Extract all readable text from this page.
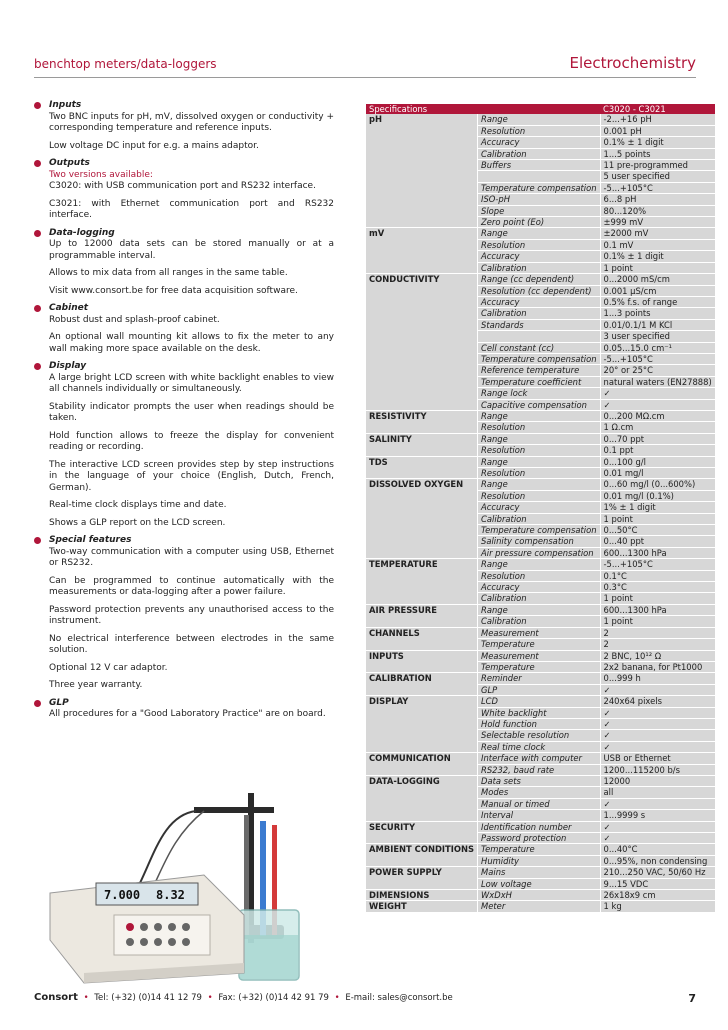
benchtop meters/data-loggers	Electrochemistry
Inputs

Two BNC inputs for pH, mV, dissolved oxygen or conductivity + corresponding temperature and reference inputs.

Low voltage DC input for e.g. a mains adaptor.

Outputs
Two versions available:

C3020: with USB communication port and RS232 interface.

C3021: with Ethernet communication port and RS232 interface.

Data-logging

Up to 12000 data sets can be stored manually or at a programmable interval.

Allows to mix data from all ranges in the same table.

Visit www.consort.be for free data acquisition software.

Cabinet

Robust dust and splash-proof cabinet.

An optional wall mounting kit allows to fix the meter to any wall making more space available on the desk.

Display

A large bright LCD screen with white backlight enables to view all channels individually or simultaneously.

Stability indicator prompts the user when readings should be taken.

Hold function allows to freeze the display for convenient reading or recording.

The interactive LCD screen provides step by step instructions in the language of your choice (English, Dutch, French, German).

Real-time clock displays time and date.

Shows a GLP report on the LCD screen.

Special features

Two-way communication with a computer using USB, Ethernet or RS232.

Can be programmed to continue automatically with the measurements or data-logging after a power failure.

Password protection prevents any unauthorised access to the instrument.

No electrical interference between electrodes in the same solution.

Optional 12 V car adaptor.

Three year warranty.

GLP

All procedures for a "Good Laboratory Practice" are on board.

Specifications		C3020 - C3021
pH	Range	-2...+16 pH
	Resolution	0.001 pH
	Accuracy	0.1% ± 1 digit
	Calibration	1...5 points
	Buffers	11 pre-programmed
		5 user specified
	Temperature compensation	-5...+105°C
	ISO-pH	6...8 pH
	Slope	80...120%
	Zero point (Eo)	±999 mV
mV	Range	±2000 mV
	Resolution	0.1 mV
	Accuracy	0.1% ± 1 digit
	Calibration	1 point
CONDUCTIVITY	Range (cc dependent)	0...2000 mS/cm
	Resolution (cc dependent)	0.001 µS/cm
	Accuracy	0.5% f.s. of range
	Calibration	1...3 points
	Standards	0.01/0.1/1 M KCl
		3 user specified
	Cell constant (cc)	0.05...15.0 cm⁻¹
	Temperature compensation	-5...+105°C
	Reference temperature	20° or 25°C
	Temperature coefficient	natural waters (EN27888)
	Range lock	✓
	Capacitive compensation	✓
RESISTIVITY	Range	0...200 MΩ.cm
	Resolution	1 Ω.cm
SALINITY	Range	0...70 ppt
	Resolution	0.1 ppt
TDS	Range	0...100 g/l
	Resolution	0.01 mg/l
DISSOLVED OXYGEN	Range	0...60 mg/l (0...600%)
	Resolution	0.01 mg/l (0.1%)
	Accuracy	1% ± 1 digit
	Calibration	1 point
	Temperature compensation	0...50°C
	Salinity compensation	0...40 ppt
	Air pressure compensation	600...1300 hPa
TEMPERATURE	Range	-5...+105°C
	Resolution	0.1°C
	Accuracy	0.3°C
	Calibration	1 point
AIR PRESSURE	Range	600...1300 hPa
	Calibration	1 point
CHANNELS	Measurement	2
	Temperature	2
INPUTS	Measurement	2 BNC, 10¹² Ω
	Temperature	2x2 banana, for Pt1000
CALIBRATION	Reminder	0...999 h
	GLP	✓
DISPLAY	LCD	240x64 pixels
	White backlight	✓
	Hold function	✓
	Selectable resolution	✓
	Real time clock	✓
COMMUNICATION	Interface with computer	USB or Ethernet
	RS232, baud rate	1200...115200 b/s
DATA-LOGGING	Data sets	12000
	Modes	all
	Manual or timed	✓
	Interval	1...9999 s
SECURITY	Identification number	✓
	Password protection	✓
AMBIENT CONDITIONS	Temperature	0...40°C
	Humidity	0...95%, non condensing
POWER SUPPLY	Mains	210...250 VAC, 50/60 Hz
	Low voltage	9...15 VDC
DIMENSIONS	WxDxH	26x18x9 cm
WEIGHT	Meter	1 kg
7.000 8.32
Consort • Tel: (+32) (0)14 41 12 79 • Fax: (+32) (0)14 42 91 79 • E-mail: sales@consort.be	7
